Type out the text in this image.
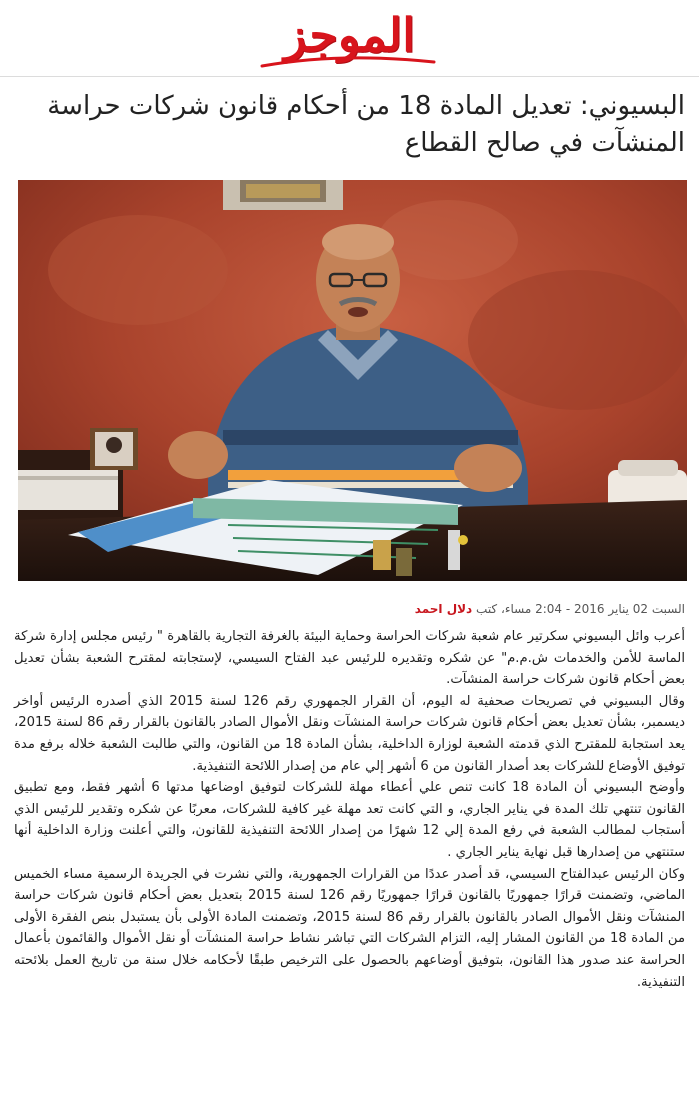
الموجز
البسيوني: تعديل المادة 18 من أحكام قانون شركات حراسة المنشآت في صالح القطاع
السبت 02 يناير 2016 - 2:04 مساء، كتب دلال احمد

أعرب وائل البسيوني سكرتير عام شعبة شركات الحراسة وحماية البيئة بالغرفة التجارية بالقاهرة " رئيس مجلس إدارة شركة الماسة للأمن والخدمات ش.م.م" عن شكره وتقديره للرئيس عبد الفتاح السيسي، لإستجابته لمقترح الشعبة بشأن تعديل بعض أحكام قانون شركات حراسة المنشآت.

وقال البسيوني في تصريحات صحفية له اليوم، أن القرار الجمهوري رقم 126 لسنة 2015 الذي أصدره الرئيس أواخر ديسمبر، بشأن تعديل بعض أحكام قانون شركات حراسة المنشآت ونقل الأموال الصادر بالقانون بالقرار رقم 86 لسنة 2015، يعد استجابة للمقترح الذي قدمته الشعبة لوزارة الداخلية، بشأن المادة 18 من القانون، والتي طالبت الشعبة خلاله برفع مدة توفيق الأوضاع للشركات بعد أصدار القانون من 6 أشهر إلي عام من إصدار اللائحة التنفيذية.

وأوضح البسيوني أن المادة 18 كانت تنص علي أعطاء مهلة للشركات لتوفيق اوضاعها مدتها 6 أشهر فقط، ومع تطبيق القانون تنتهي تلك المدة في يناير الجاري، و التي كانت تعد مهلة غير كافية للشركات، معربًا عن شكره وتقدير للرئيس الذي أستجاب لمطالب الشعبة في رفع المدة إلي 12 شهرًا من إصدار اللائحة التنفيذية للقانون، والتي أعلنت وزارة الداخلية أنها ستنتهي من إصدارها قبل نهاية يناير الجاري .

وكان الرئيس عبدالفتاح السيسي، قد أصدر عددًا من القرارات الجمهورية، والتي نشرت في الجريدة الرسمية مساء الخميس الماضي، وتضمنت قرارًا جمهوريًا بالقانون قرارًا جمهوريًا رقم 126 لسنة 2015 بتعديل بعض أحكام قانون شركات حراسة المنشآت ونقل الأموال الصادر بالقانون بالقرار رقم 86 لسنة 2015، وتضمنت المادة الأولى بأن يستبدل بنص الفقرة الأولى من المادة 18 من القانون المشار إليه، التزام الشركات التي تباشر نشاط حراسة المنشآت أو نقل الأموال والقائمون بأعمال الحراسة عند صدور هذا القانون، بتوفيق أوضاعهم بالحصول على الترخيص طبقًا لأحكامه خلال سنة من تاريخ العمل بلائحته التنفيذية.
